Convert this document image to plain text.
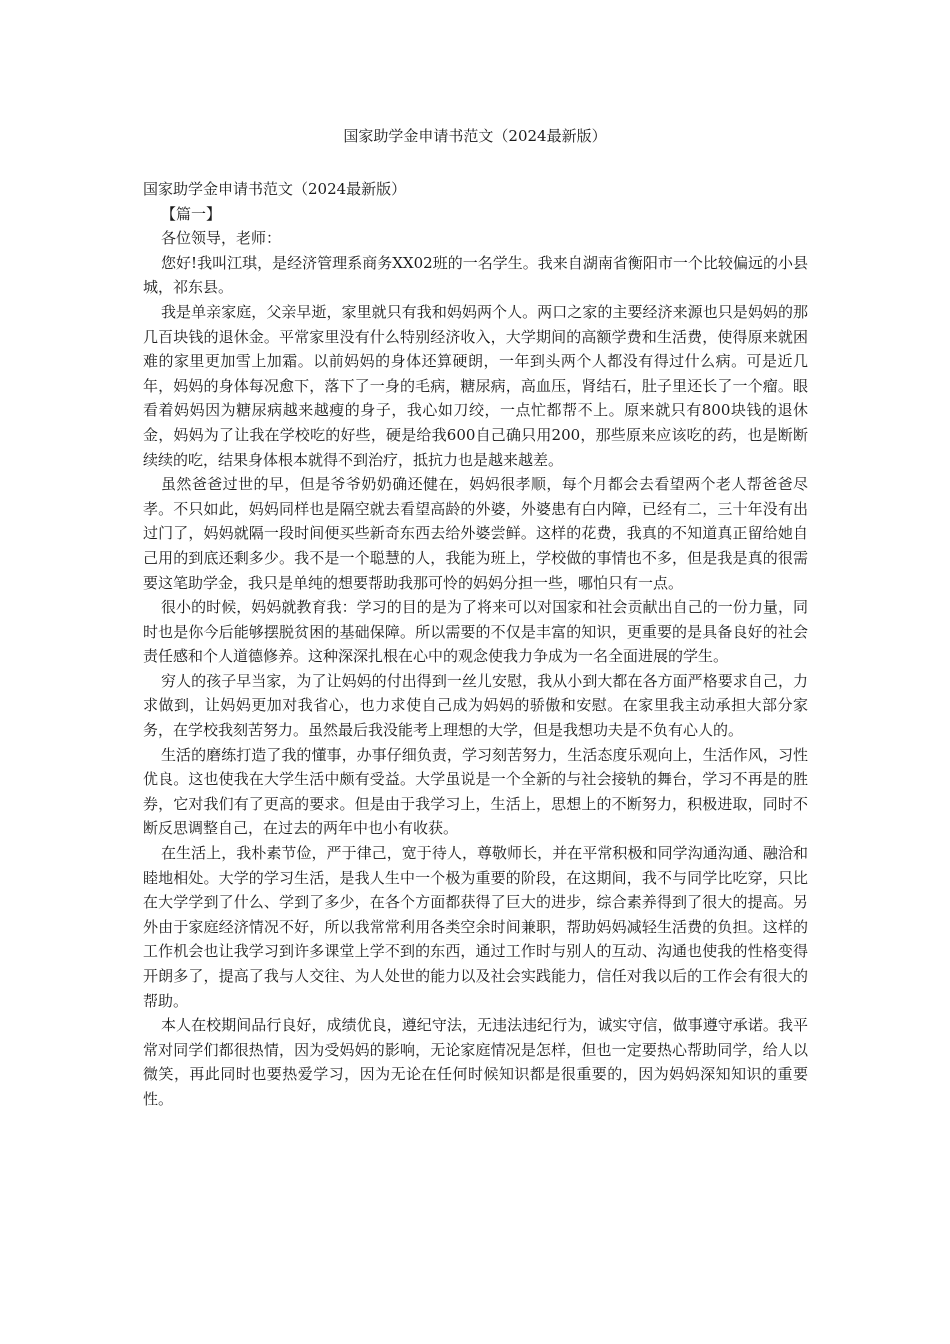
国家助学金申请书范文（2024最新版）

国家助学金申请书范文（2024最新版）

【篇一】

各位领导，老师：

您好!我叫江琪，是经济管理系商务XX02班的一名学生。我来自湖南省衡阳市一个比较偏远的小县城，祁东县。

我是单亲家庭，父亲早逝，家里就只有我和妈妈两个人。两口之家的主要经济来源也只是妈妈的那几百块钱的退休金。平常家里没有什么特别经济收入，大学期间的高额学费和生活费，使得原来就困难的家里更加雪上加霜。以前妈妈的身体还算硬朗，一年到头两个人都没有得过什么病。可是近几年，妈妈的身体每况愈下，落下了一身的毛病，糖尿病，高血压，肾结石，肚子里还长了一个瘤。眼看着妈妈因为糖尿病越来越瘦的身子，我心如刀绞，一点忙都帮不上。原来就只有800块钱的退休金，妈妈为了让我在学校吃的好些，硬是给我600自己确只用200，那些原来应该吃的药，也是断断续续的吃，结果身体根本就得不到治疗，抵抗力也是越来越差。

虽然爸爸过世的早，但是爷爷奶奶确还健在，妈妈很孝顺，每个月都会去看望两个老人帮爸爸尽孝。不只如此，妈妈同样也是隔空就去看望高龄的外婆，外婆患有白内障，已经有二，三十年没有出过门了，妈妈就隔一段时间便买些新奇东西去给外婆尝鲜。这样的花费，我真的不知道真正留给她自己用的到底还剩多少。我不是一个聪慧的人，我能为班上，学校做的事情也不多，但是我是真的很需要这笔助学金，我只是单纯的想要帮助我那可怜的妈妈分担一些，哪怕只有一点。

很小的时候，妈妈就教育我：学习的目的是为了将来可以对国家和社会贡献出自己的一份力量，同时也是你今后能够摆脱贫困的基础保障。所以需要的不仅是丰富的知识，更重要的是具备良好的社会责任感和个人道德修养。这种深深扎根在心中的观念使我力争成为一名全面进展的学生。

穷人的孩子早当家，为了让妈妈的付出得到一丝儿安慰，我从小到大都在各方面严格要求自己，力求做到，让妈妈更加对我省心，也力求使自己成为妈妈的骄傲和安慰。在家里我主动承担大部分家务，在学校我刻苦努力。虽然最后我没能考上理想的大学，但是我想功夫是不负有心人的。

生活的磨练打造了我的懂事，办事仔细负责，学习刻苦努力，生活态度乐观向上，生活作风，习性优良。这也使我在大学生活中颇有受益。大学虽说是一个全新的与社会接轨的舞台，学习不再是的胜券，它对我们有了更高的要求。但是由于我学习上，生活上，思想上的不断努力，积极进取，同时不断反思调整自己，在过去的两年中也小有收获。

在生活上，我朴素节俭，严于律己，宽于待人，尊敬师长，并在平常积极和同学沟通沟通、融洽和睦地相处。大学的学习生活，是我人生中一个极为重要的阶段，在这期间，我不与同学比吃穿，只比在大学学到了什么、学到了多少，在各个方面都获得了巨大的进步，综合素养得到了很大的提高。另外由于家庭经济情况不好，所以我常常利用各类空余时间兼职，帮助妈妈减轻生活费的负担。这样的工作机会也让我学习到许多课堂上学不到的东西，通过工作时与别人的互动、沟通也使我的性格变得开朗多了，提高了我与人交往、为人处世的能力以及社会实践能力，信任对我以后的工作会有很大的帮助。

本人在校期间品行良好，成绩优良，遵纪守法，无违法违纪行为，诚实守信，做事遵守承诺。我平常对同学们都很热情，因为受妈妈的影响，无论家庭情况是怎样，但也一定要热心帮助同学，给人以微笑，再此同时也要热爱学习，因为无论在任何时候知识都是很重要的，因为妈妈深知知识的重要性。
